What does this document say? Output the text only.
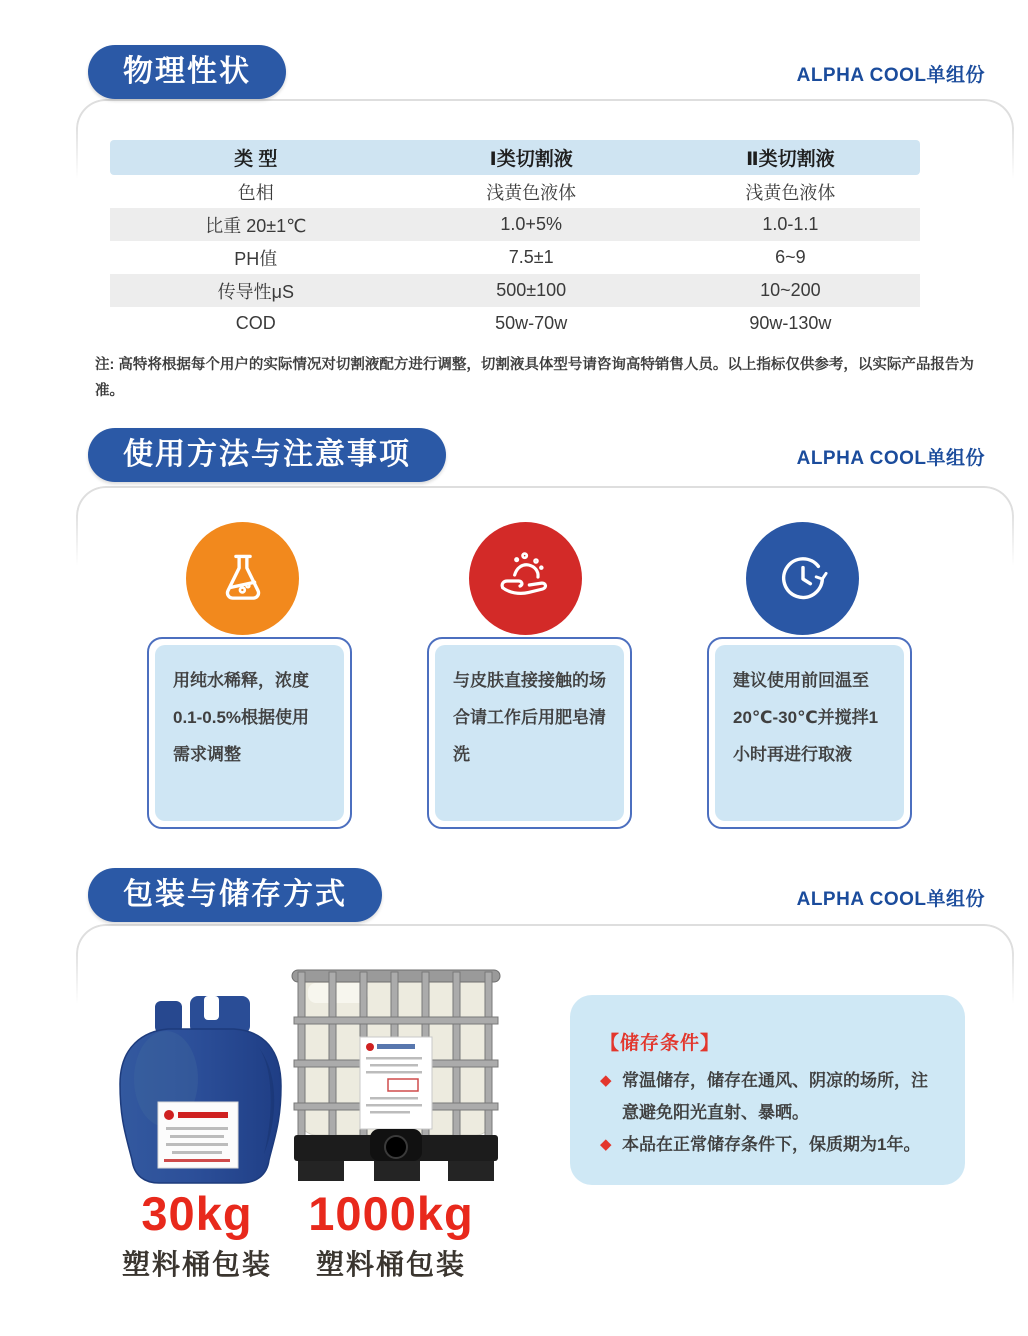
物理性状	ALPHA COOL单组份
类 型	Ⅰ类切割液	Ⅱ类切割液
色相	浅黄色液体	浅黄色液体
比重 20±1℃	1.0+5%	1.0-1.1
PH值	7.5±1	6~9
传导性μS	500±100	10~200
COD	50w-70w	90w-130w
注: 高特将根据每个用户的实际情况对切割液配方进行调整，切割液具体型号请咨询高特销售人员。以上指标仅供参考，以实际产品报告为准。
使用方法与注意事项	ALPHA COOL单组份
用纯水稀释，浓度0.1-0.5%根据使用需求调整
与皮肤直接接触的场合请工作后用肥皂清洗
建议使用前回温至20℃-30℃并搅拌1小时再进行取液
包装与储存方式	ALPHA COOL单组份
【储存条件】
◆ 常温储存，储存在通风、阴凉的场所，注意避免阳光直射、暴晒。
◆ 本品在正常储存条件下，保质期为1年。
30kg
塑料桶包装
1000kg
塑料桶包装
